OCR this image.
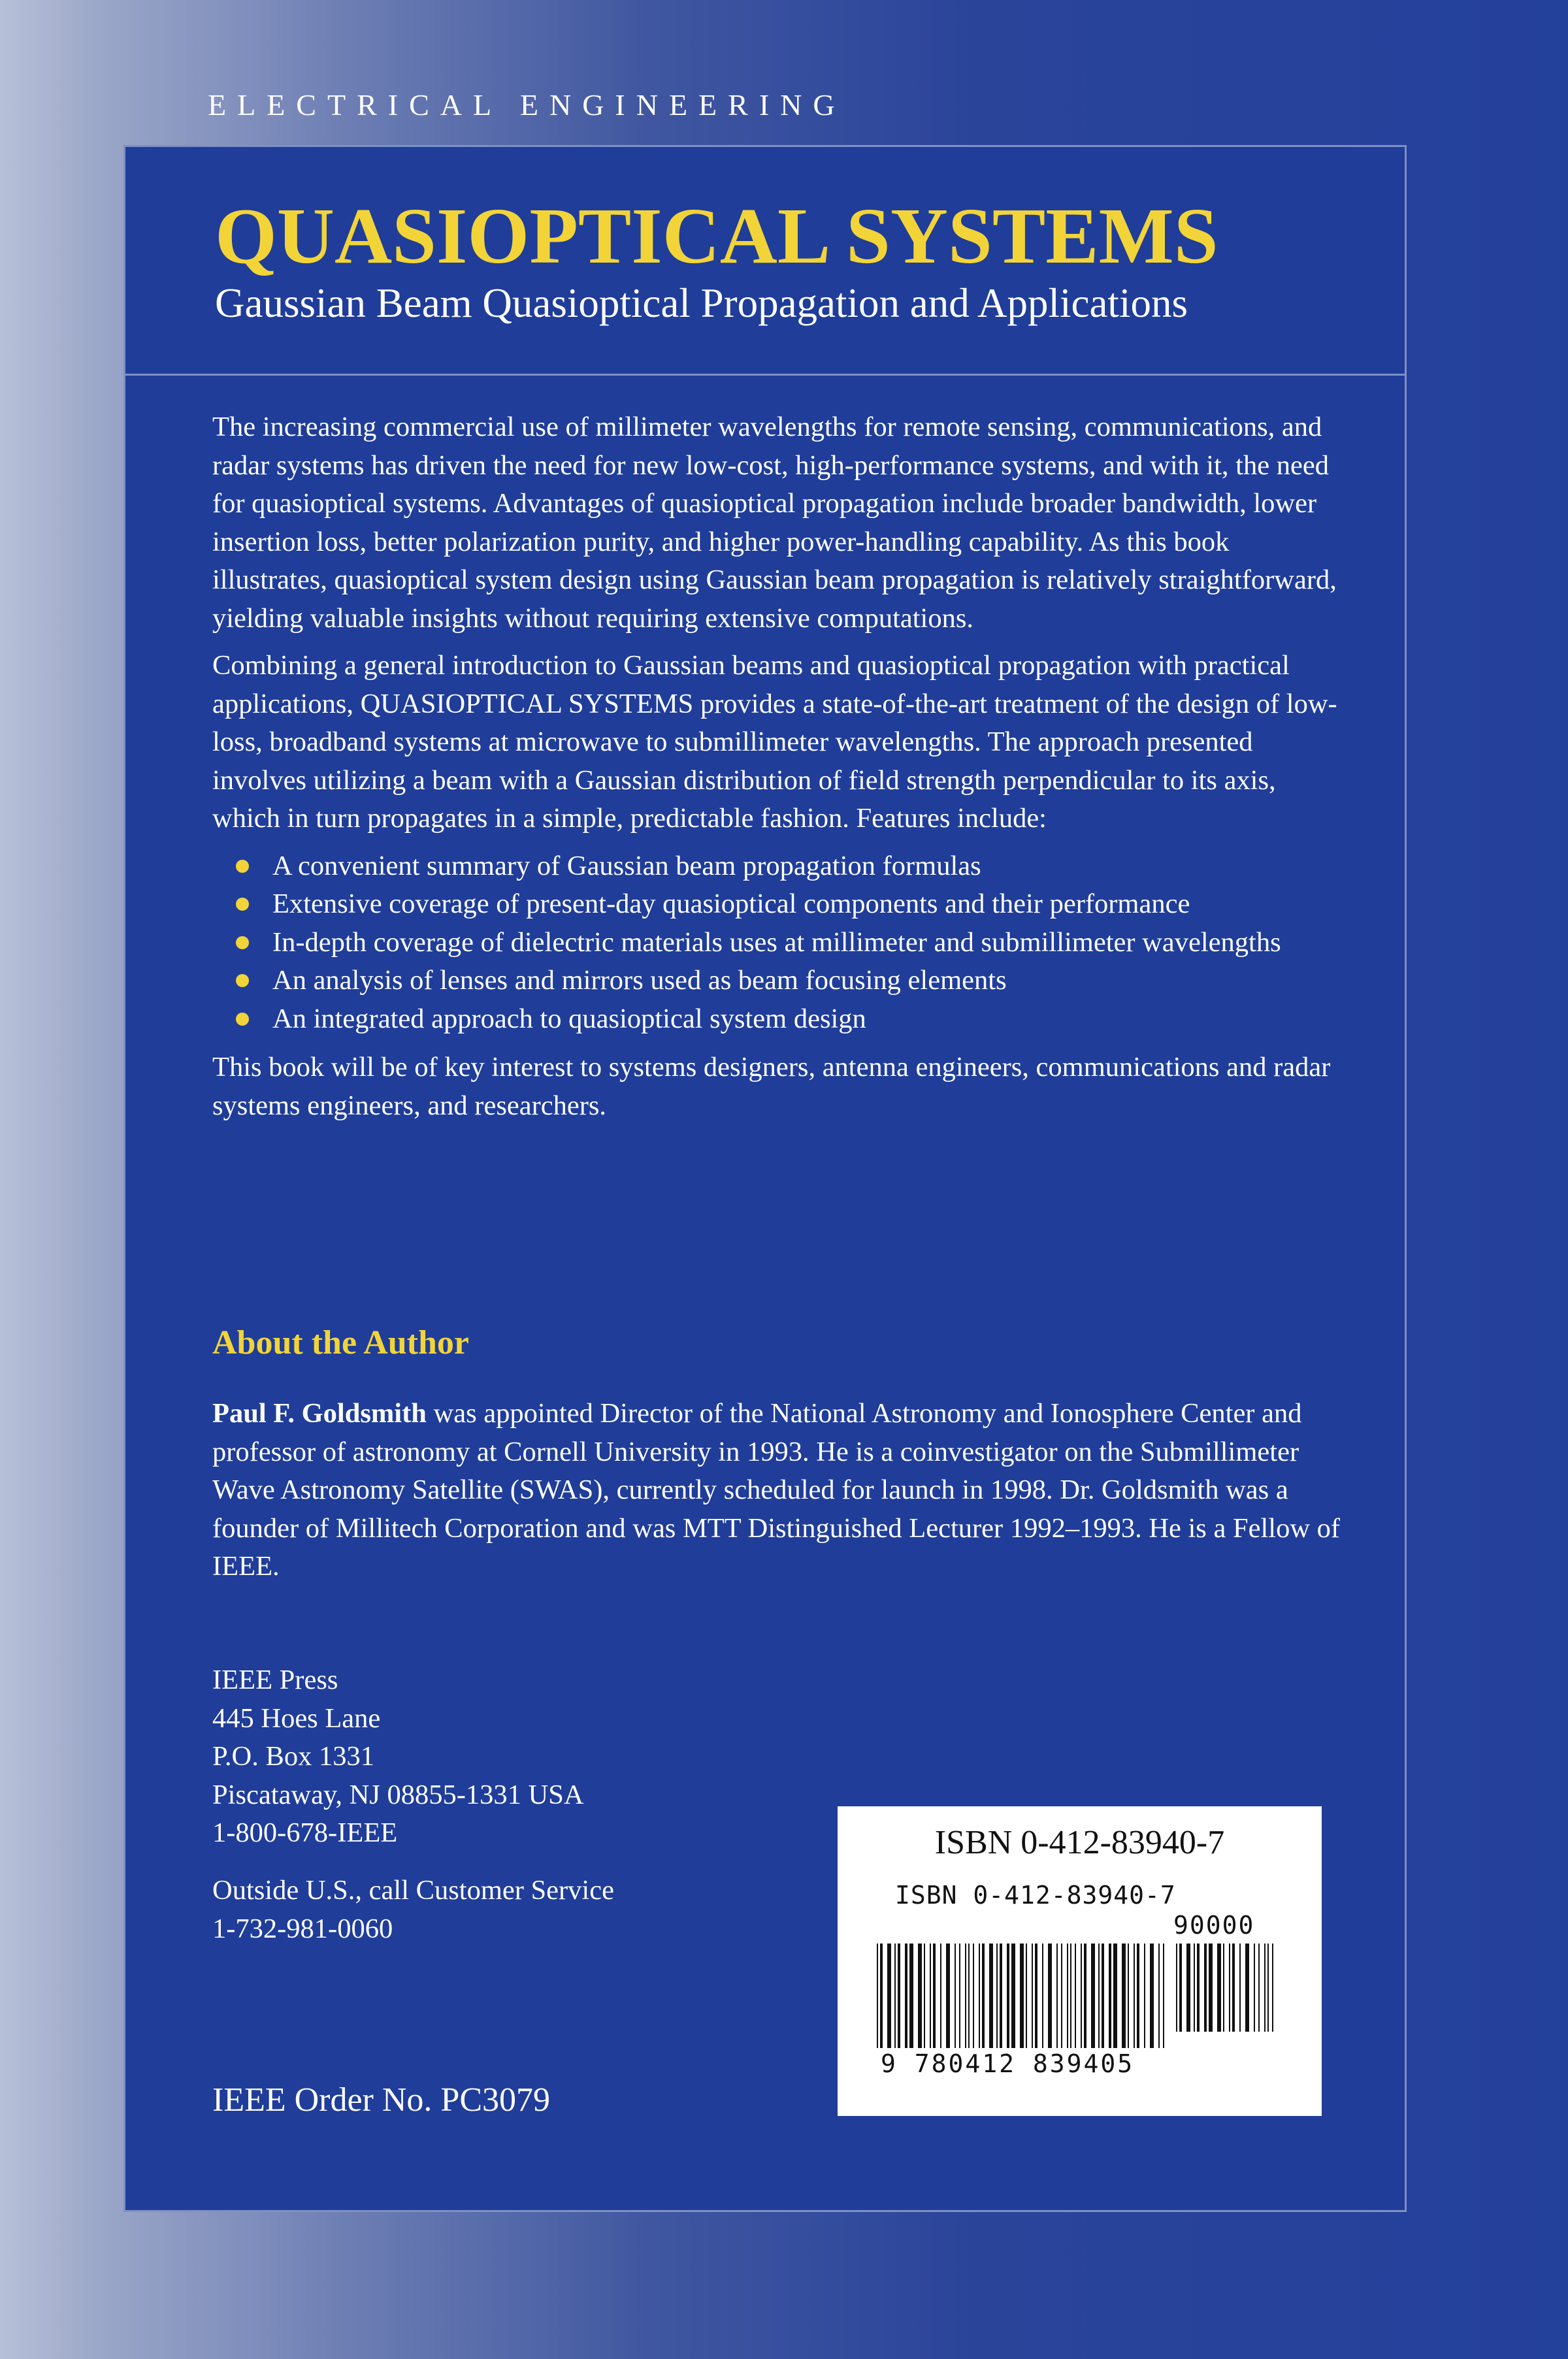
ELECTRICAL ENGINEERING
QUASIOPTICAL SYSTEMS
Gaussian Beam Quasioptical Propagation and Applications

The increasing commercial use of millimeter wavelengths for remote sensing, communications, and radar systems has driven the need for new low-cost, high-performance systems, and with it, the need for quasioptical systems. Advantages of quasioptical propagation include broader bandwidth, lower insertion loss, better polarization purity, and higher power-handling capability. As this book illustrates, quasioptical system design using Gaussian beam propagation is relatively straightforward, yielding valuable insights without requiring extensive computations.

Combining a general introduction to Gaussian beams and quasioptical propagation with practical applications, QUASIOPTICAL SYSTEMS provides a state-of-the-art treatment of the design of low-loss, broadband systems at microwave to submillimeter wavelengths. The approach presented involves utilizing a beam with a Gaussian distribution of field strength perpendicular to its axis, which in turn propagates in a simple, predictable fashion. Features include:

A convenient summary of Gaussian beam propagation formulas
Extensive coverage of present-day quasioptical components and their performance
In-depth coverage of dielectric materials uses at millimeter and submillimeter wavelengths
An analysis of lenses and mirrors used as beam focusing elements
An integrated approach to quasioptical system design

This book will be of key interest to systems designers, antenna engineers, communications and radar systems engineers, and researchers.

About the Author

Paul F. Goldsmith was appointed Director of the National Astronomy and Ionosphere Center and professor of astronomy at Cornell University in 1993. He is a coinvestigator on the Submillimeter Wave Astronomy Satellite (SWAS), currently scheduled for launch in 1998. Dr. Goldsmith was a founder of Millitech Corporation and was MTT Distinguished Lecturer 1992–1993. He is a Fellow of IEEE.

IEEE Press
445 Hoes Lane
P.O. Box 1331
Piscataway, NJ 08855-1331 USA
1-800-678-IEEE
Outside U.S., call Customer Service
1-732-981-0060
IEEE Order No. PC3079
ISBN 0-412-83940-7
ISBN 0-412-83940-7
90000
9 780412 839405
